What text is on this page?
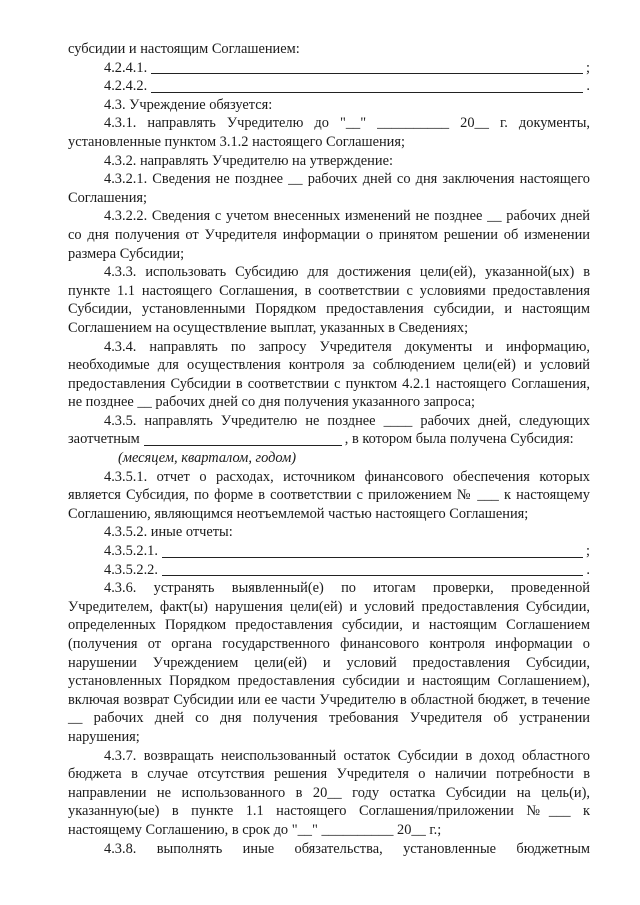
субсидии и настоящим Соглашением:

4.2.4.1.	;
4.2.4.2.	.

4.3. Учреждение обязуется:

4.3.1. направлять Учредителю до "__" __________ 20__ г. документы, установленные пунктом 3.1.2 настоящего Соглашения;

4.3.2. направлять Учредителю на утверждение:

4.3.2.1. Сведения не позднее __ рабочих дней со дня заключения настоящего Соглашения;

4.3.2.2. Сведения с учетом внесенных изменений не позднее __ рабочих дней со дня получения от Учредителя информации о принятом решении об изменении размера Субсидии;

4.3.3. использовать Субсидию для достижения цели(ей), указанной(ых) в пункте 1.1 настоящего Соглашения, в соответствии с условиями предоставления Субсидии, установленными Порядком предоставления субсидии, и настоящим Соглашением на осуществление выплат, указанных в Сведениях;

4.3.4. направлять по запросу Учредителя документы и информацию, необходимые для осуществления контроля за соблюдением цели(ей) и условий предоставления Субсидии в соответствии с пунктом 4.2.1 настоящего Соглашения, не позднее __ рабочих дней со дня получения указанного запроса;

4.3.5. направлять Учредителю не позднее ____ рабочих дней, следующих

заотчетным	, в котором была получена Субсидия:

(месяцем, кварталом, годом)

4.3.5.1. отчет о расходах, источником финансового обеспечения которых является Субсидия, по форме в соответствии с приложением № ___ к настоящему Соглашению, являющимся неотъемлемой частью настоящего Соглашения;

4.3.5.2. иные отчеты:

4.3.5.2.1.	;
4.3.5.2.2.	.

4.3.6. устранять выявленный(е) по итогам проверки, проведенной Учредителем, факт(ы) нарушения цели(ей) и условий предоставления Субсидии, определенных Порядком предоставления субсидии, и настоящим Соглашением (получения от органа государственного финансового контроля информации о нарушении Учреждением цели(ей) и условий предоставления Субсидии, установленных Порядком предоставления субсидии и настоящим Соглашением), включая возврат Субсидии или ее части Учредителю в областной бюджет, в течение __ рабочих дней со дня получения требования Учредителя об устранении нарушения;

4.3.7. возвращать неиспользованный остаток Субсидии в доход областного бюджета в случае отсутствия решения Учредителя о наличии потребности в направлении не использованного в 20__ году остатка Субсидии на цель(и), указанную(ые) в пункте 1.1 настоящего Соглашения/приложении №___ к настоящему Соглашению, в срок до "__" __________ 20__ г.;

4.3.8. выполнять иные обязательства, установленные бюджетным
